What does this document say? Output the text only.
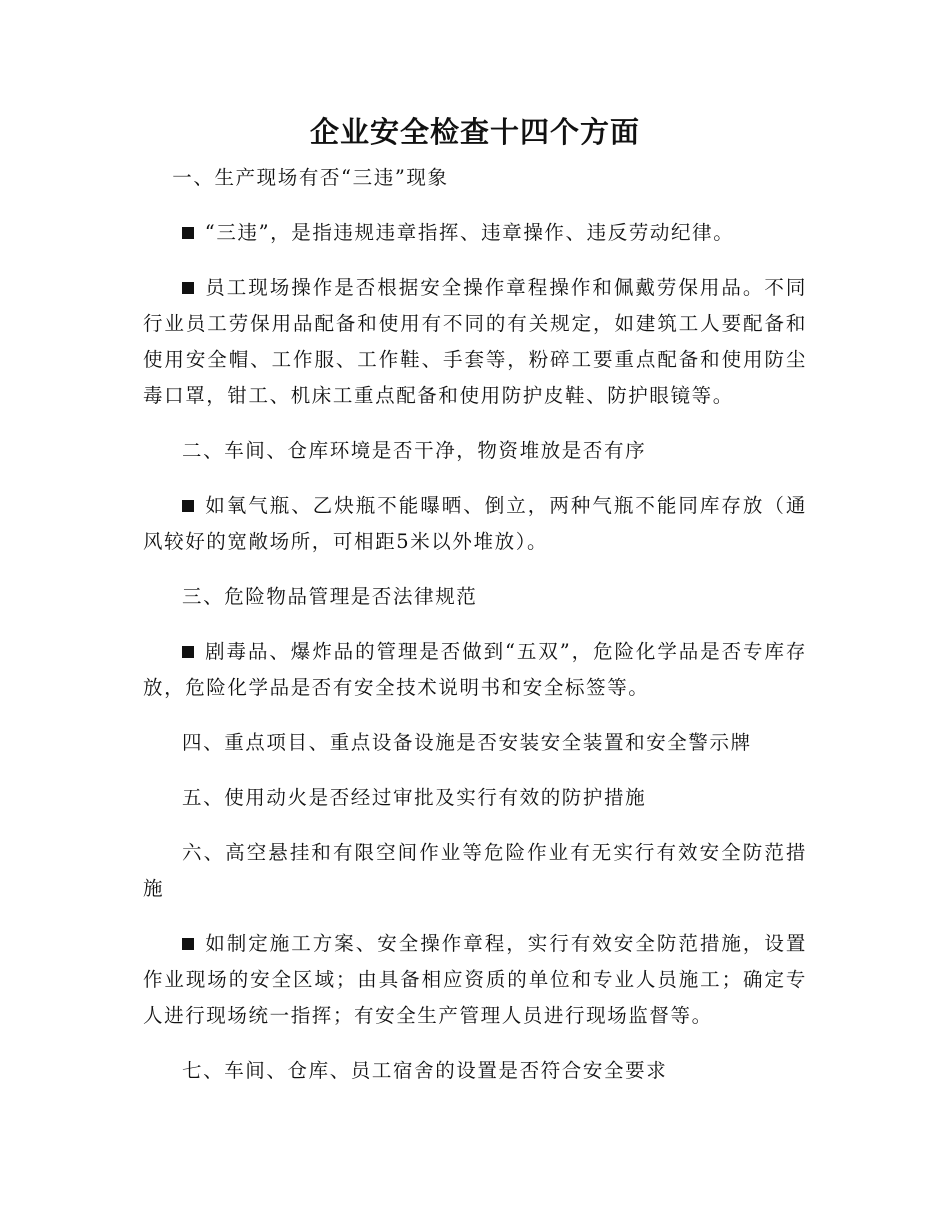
企业安全检查十四个方面

一、生产现场有否“三违”现象

“三违”，是指违规违章指挥、违章操作、违反劳动纪律。

员工现场操作是否根据安全操作章程操作和佩戴劳保用品。不同行业员工劳保用品配备和使用有不同的有关规定，如建筑工人要配备和使用安全帽、工作服、工作鞋、手套等，粉碎工要重点配备和使用防尘毒口罩，钳工、机床工重点配备和使用防护皮鞋、防护眼镜等。

二、车间、仓库环境是否干净，物资堆放是否有序

如氧气瓶、乙炔瓶不能曝晒、倒立，两种气瓶不能同库存放（通风较好的宽敞场所，可相距5米以外堆放）。

三、危险物品管理是否法律规范

剧毒品、爆炸品的管理是否做到“五双”，危险化学品是否专库存放，危险化学品是否有安全技术说明书和安全标签等。

四、重点项目、重点设备设施是否安装安全装置和安全警示牌

五、使用动火是否经过审批及实行有效的防护措施

六、高空悬挂和有限空间作业等危险作业有无实行有效安全防范措施

如制定施工方案、安全操作章程，实行有效安全防范措施，设置作业现场的安全区域；由具备相应资质的单位和专业人员施工；确定专人进行现场统一指挥；有安全生产管理人员进行现场监督等。

七、车间、仓库、员工宿舍的设置是否符合安全要求
